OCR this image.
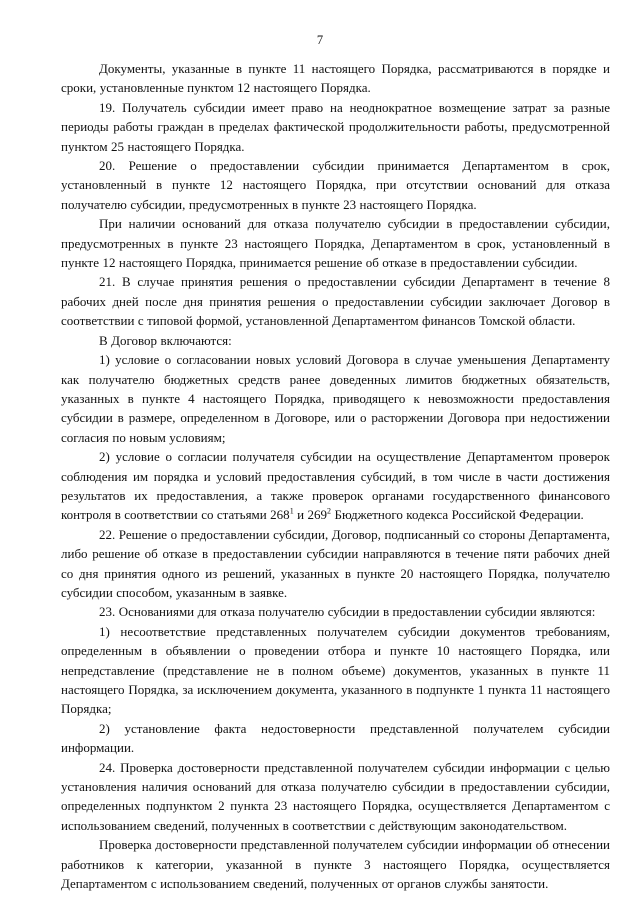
7

Документы, указанные в пункте 11 настоящего Порядка, рассматриваются в порядке и сроки, установленные пунктом 12 настоящего Порядка.

19. Получатель субсидии имеет право на неоднократное возмещение затрат за разные периоды работы граждан в пределах фактической продолжительности работы, предусмотренной пунктом 25 настоящего Порядка.

20. Решение о предоставлении субсидии принимается Департаментом в срок, установленный в пункте 12 настоящего Порядка, при отсутствии оснований для отказа получателю субсидии, предусмотренных в пункте 23 настоящего Порядка.

При наличии оснований для отказа получателю субсидии в предоставлении субсидии, предусмотренных в пункте 23 настоящего Порядка, Департаментом в срок, установленный в пункте 12 настоящего Порядка, принимается решение об отказе в предоставлении субсидии.

21. В случае принятия решения о предоставлении субсидии Департамент в течение 8 рабочих дней после дня принятия решения о предоставлении субсидии заключает Договор в соответствии с типовой формой, установленной Департаментом финансов Томской области.

В Договор включаются:

1) условие о согласовании новых условий Договора в случае уменьшения Департаменту как получателю бюджетных средств ранее доведенных лимитов бюджетных обязательств, указанных в пункте 4 настоящего Порядка, приводящего к невозможности предоставления субсидии в размере, определенном в Договоре, или о расторжении Договора при недостижении согласия по новым условиям;

2) условие о согласии получателя субсидии на осуществление Департаментом проверок соблюдения им порядка и условий предоставления субсидий, в том числе в части достижения результатов их предоставления, а также проверок органами государственного финансового контроля в соответствии со статьями $268^1$ и $269^2$ Бюджетного кодекса Российской Федерации.

22. Решение о предоставлении субсидии, Договор, подписанный со стороны Департамента, либо решение об отказе в предоставлении субсидии направляются в течение пяти рабочих дней со дня принятия одного из решений, указанных в пункте 20 настоящего Порядка, получателю субсидии способом, указанным в заявке.

23. Основаниями для отказа получателю субсидии в предоставлении субсидии являются:

1) несоответствие представленных получателем субсидии документов требованиям, определенным в объявлении о проведении отбора и пункте 10 настоящего Порядка, или непредставление (представление не в полном объеме) документов, указанных в пункте 11 настоящего Порядка, за исключением документа, указанного в подпункте 1 пункта 11 настоящего Порядка;

2) установление факта недостоверности представленной получателем субсидии информации.

24. Проверка достоверности представленной получателем субсидии информации с целью установления наличия оснований для отказа получателю субсидии в предоставлении субсидии, определенных подпунктом 2 пункта 23 настоящего Порядка, осуществляется Департаментом с использованием сведений, полученных в соответствии с действующим законодательством.

Проверка достоверности представленной получателем субсидии информации об отнесении работников к категории, указанной в пункте 3 настоящего Порядка, осуществляется Департаментом с использованием сведений, полученных от органов службы занятости.
